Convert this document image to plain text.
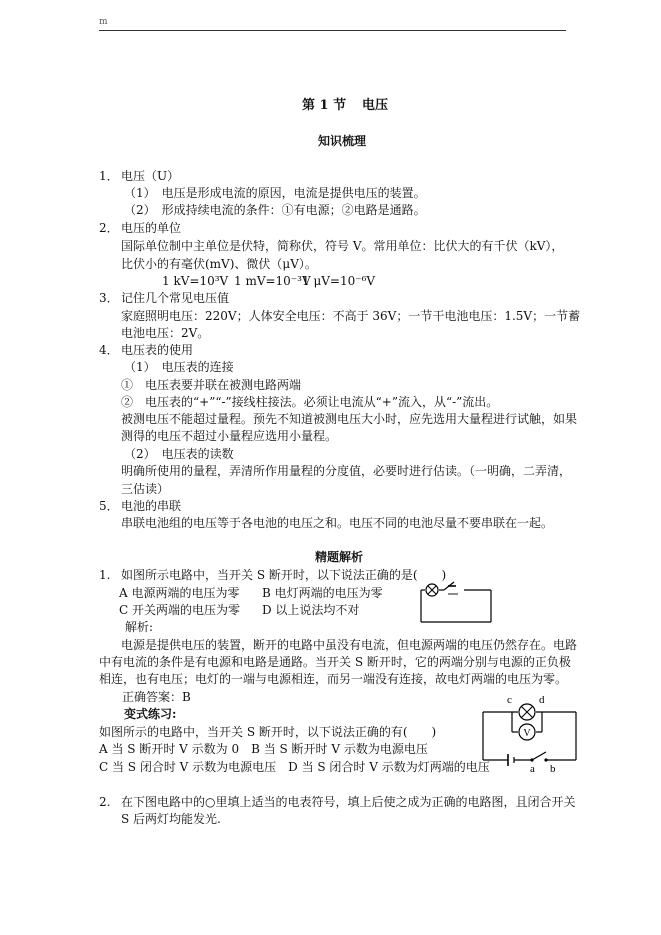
m
第 1 节 电压
知识梳理
1． 电压（U）
（1）　电压是形成电流的原因，电流是提供电压的装置。
（2）　形成持续电流的条件：①有电源；②电路是通路。
2． 电压的单位
国际单位制中主单位是伏特，简称伏，符号 V。常用单位：比伏大的有千伏（kV），
比伏小的有毫伏(mV)、微伏（μV）。
1 kV=10³V 1 mV=10⁻³V
1 μV=10⁻⁶V
3． 记住几个常见电压值
家庭照明电压：220V；人体安全电压：不高于 36V；一节干电池电压：1.5V；一节蓄
电池电压：2V。
4． 电压表的使用
（1）　电压表的连接
①　电压表要并联在被测电路两端
②　电压表的“+”“-”接线柱接法。必须让电流从“+”流入，从“-”流出。
被测电压不能超过量程。预先不知道被测电压大小时，应先选用大量程进行试触，如果
测得的电压不超过小量程应选用小量程。
（2）　电压表的读数
明确所使用的量程，弄清所作用量程的分度值，必要时进行估读。（一明确，二弄清，
三估读）
5． 电池的串联
串联电池组的电压等于各电池的电压之和。电压不同的电池尽量不要串联在一起。
精题解析
1. 如图所示电路中，当开关 S 断开时，以下说法正确的是(　　)
A 电源两端的电压为零 B 电灯两端的电压为零
C 开关两端的电压为零 D 以上说法均不对
解析:
电源是提供电压的装置，断开的电路中虽没有电流，但电源两端的电压仍然存在。电路
中有电流的条件是有电源和电路是通路。当开关 S 断开时，它的两端分别与电源的正负极
相连，也有电压；电灯的一端与电源相连，而另一端没有连接，故电灯两端的电压为零。
正确答案：B
变式练习:
如图所示的电路中，当开关 S 断开时，以下说法正确的有(　　)
A 当 S 断开时 V 示数为 0　B 当 S 断开时 V 示数为电源电压
C 当 S 闭合时 V 示数为电源电压　D 当 S 闭合时 V 示数为灯两端的电压
V
c d
a b
2. 在下图电路中的○里填上适当的电表符号，填上后使之成为正确的电路图，且闭合开关
S 后两灯均能发光.
